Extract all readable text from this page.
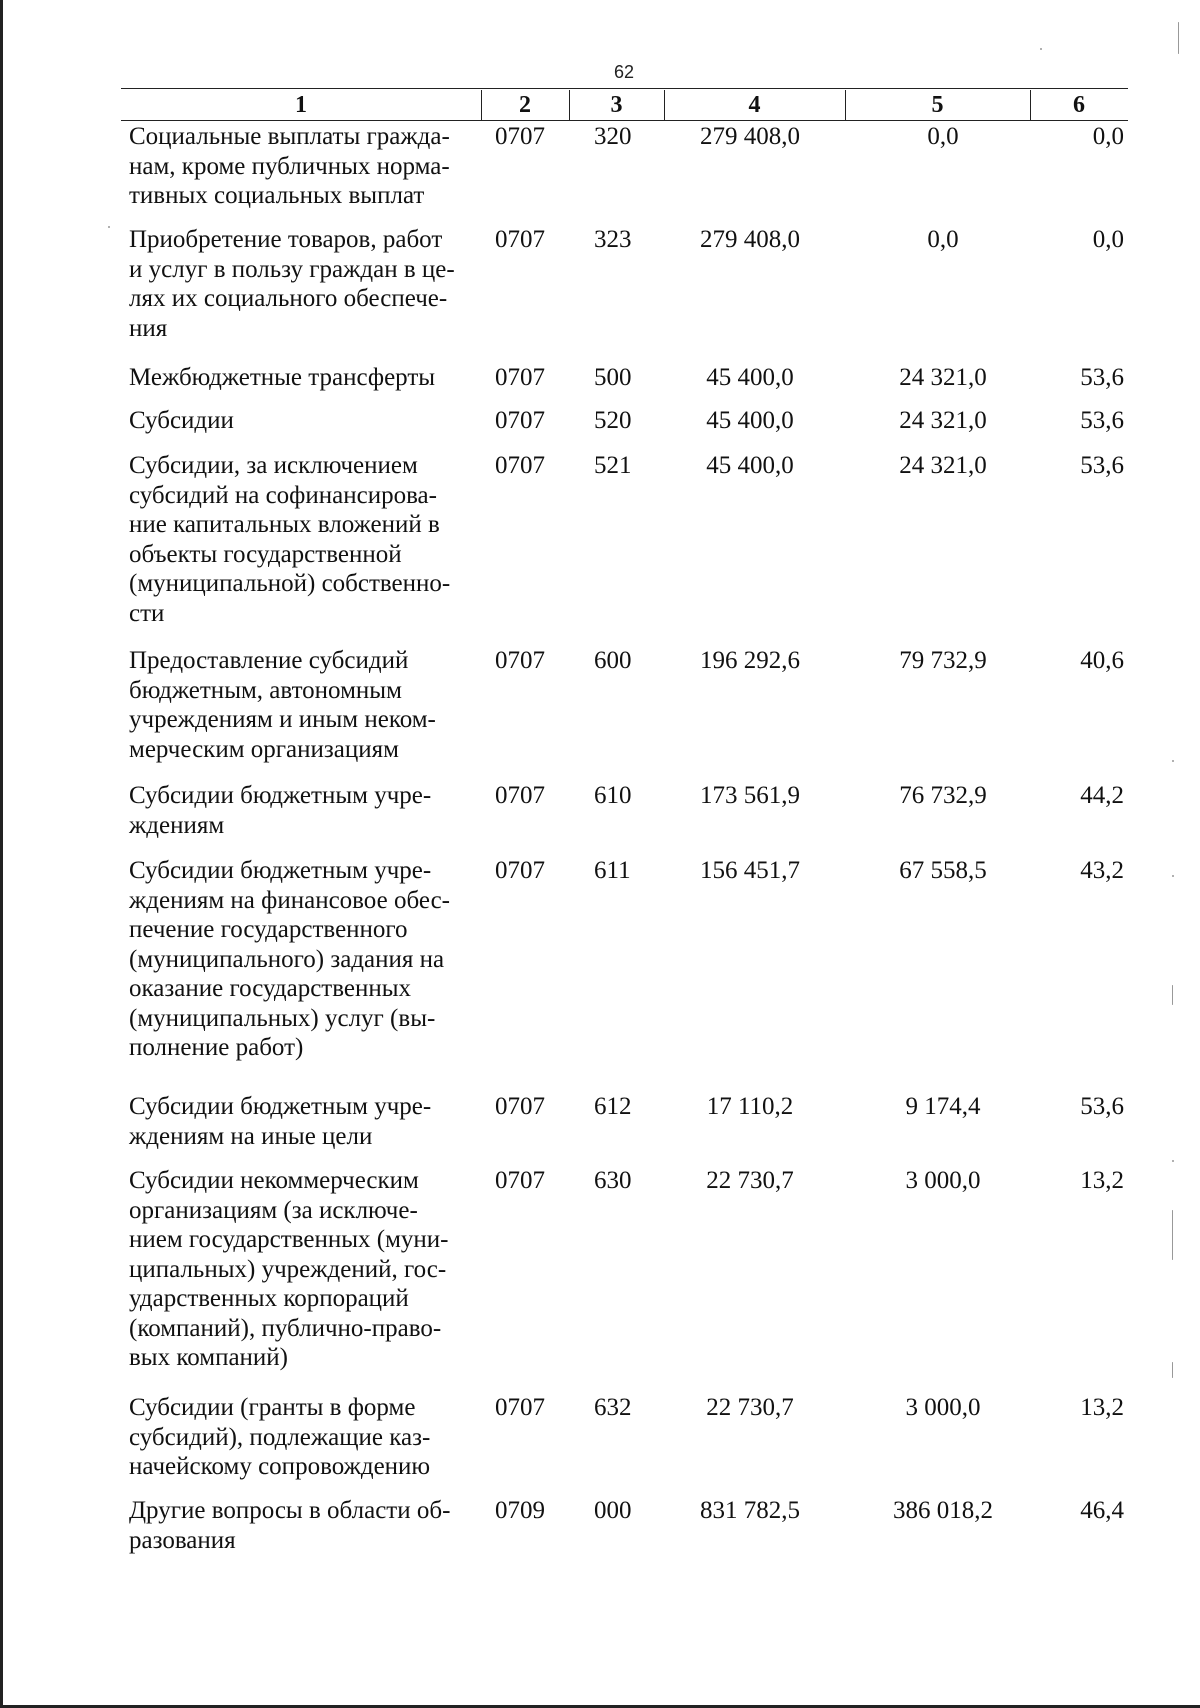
62
1	2	3	4	5	6
Социальные выплаты граждa-
нам, кроме публичных норма-
тивных социальных выплат
0707 320	279 408,0	0,0	0,0
Приобретение товаров, работ
и услуг в пользу граждан в це-
лях их социального обеспече-
ния
0707 323	279 408,0	0,0	0,0
Межбюджетные трансферты	0707 500	45 400,0	24 321,0	53,6
Субсидии	0707 520	45 400,0	24 321,0	53,6
Субсидии, за исключением
субсидий на софинансирова-
ние капитальных вложений в
объекты государственной
(муниципальной) собственно-
сти
0707 521	45 400,0	24 321,0	53,6
Предоставление субсидий
бюджетным, автономным
учреждениям и иным неком-
мерческим организациям
0707 600	196 292,6	79 732,9	40,6
Субсидии бюджетным учре-
ждениям
0707 610	173 561,9	76 732,9	44,2
Субсидии бюджетным учре-
ждениям на финансовое обес-
печение государственного
(муниципального) задания на
оказание государственных
(муниципальных) услуг (вы-
полнение работ)
0707 611	156 451,7	67 558,5	43,2
Субсидии бюджетным учре-
ждениям на иные цели
0707 612	17 110,2	9 174,4	53,6
Субсидии некоммерческим
организациям (за исключе-
нием государственных (муни-
ципальных) учреждений, гос-
ударственных корпораций
(компаний), публично-право-
вых компаний)
0707 630	22 730,7	3 000,0	13,2
Субсидии (гранты в форме
субсидий), подлежащие каз-
начейскому сопровождению
0707 632	22 730,7	3 000,0	13,2
Другие вопросы в области об-
разования
0709 000	831 782,5	386 018,2	46,4
